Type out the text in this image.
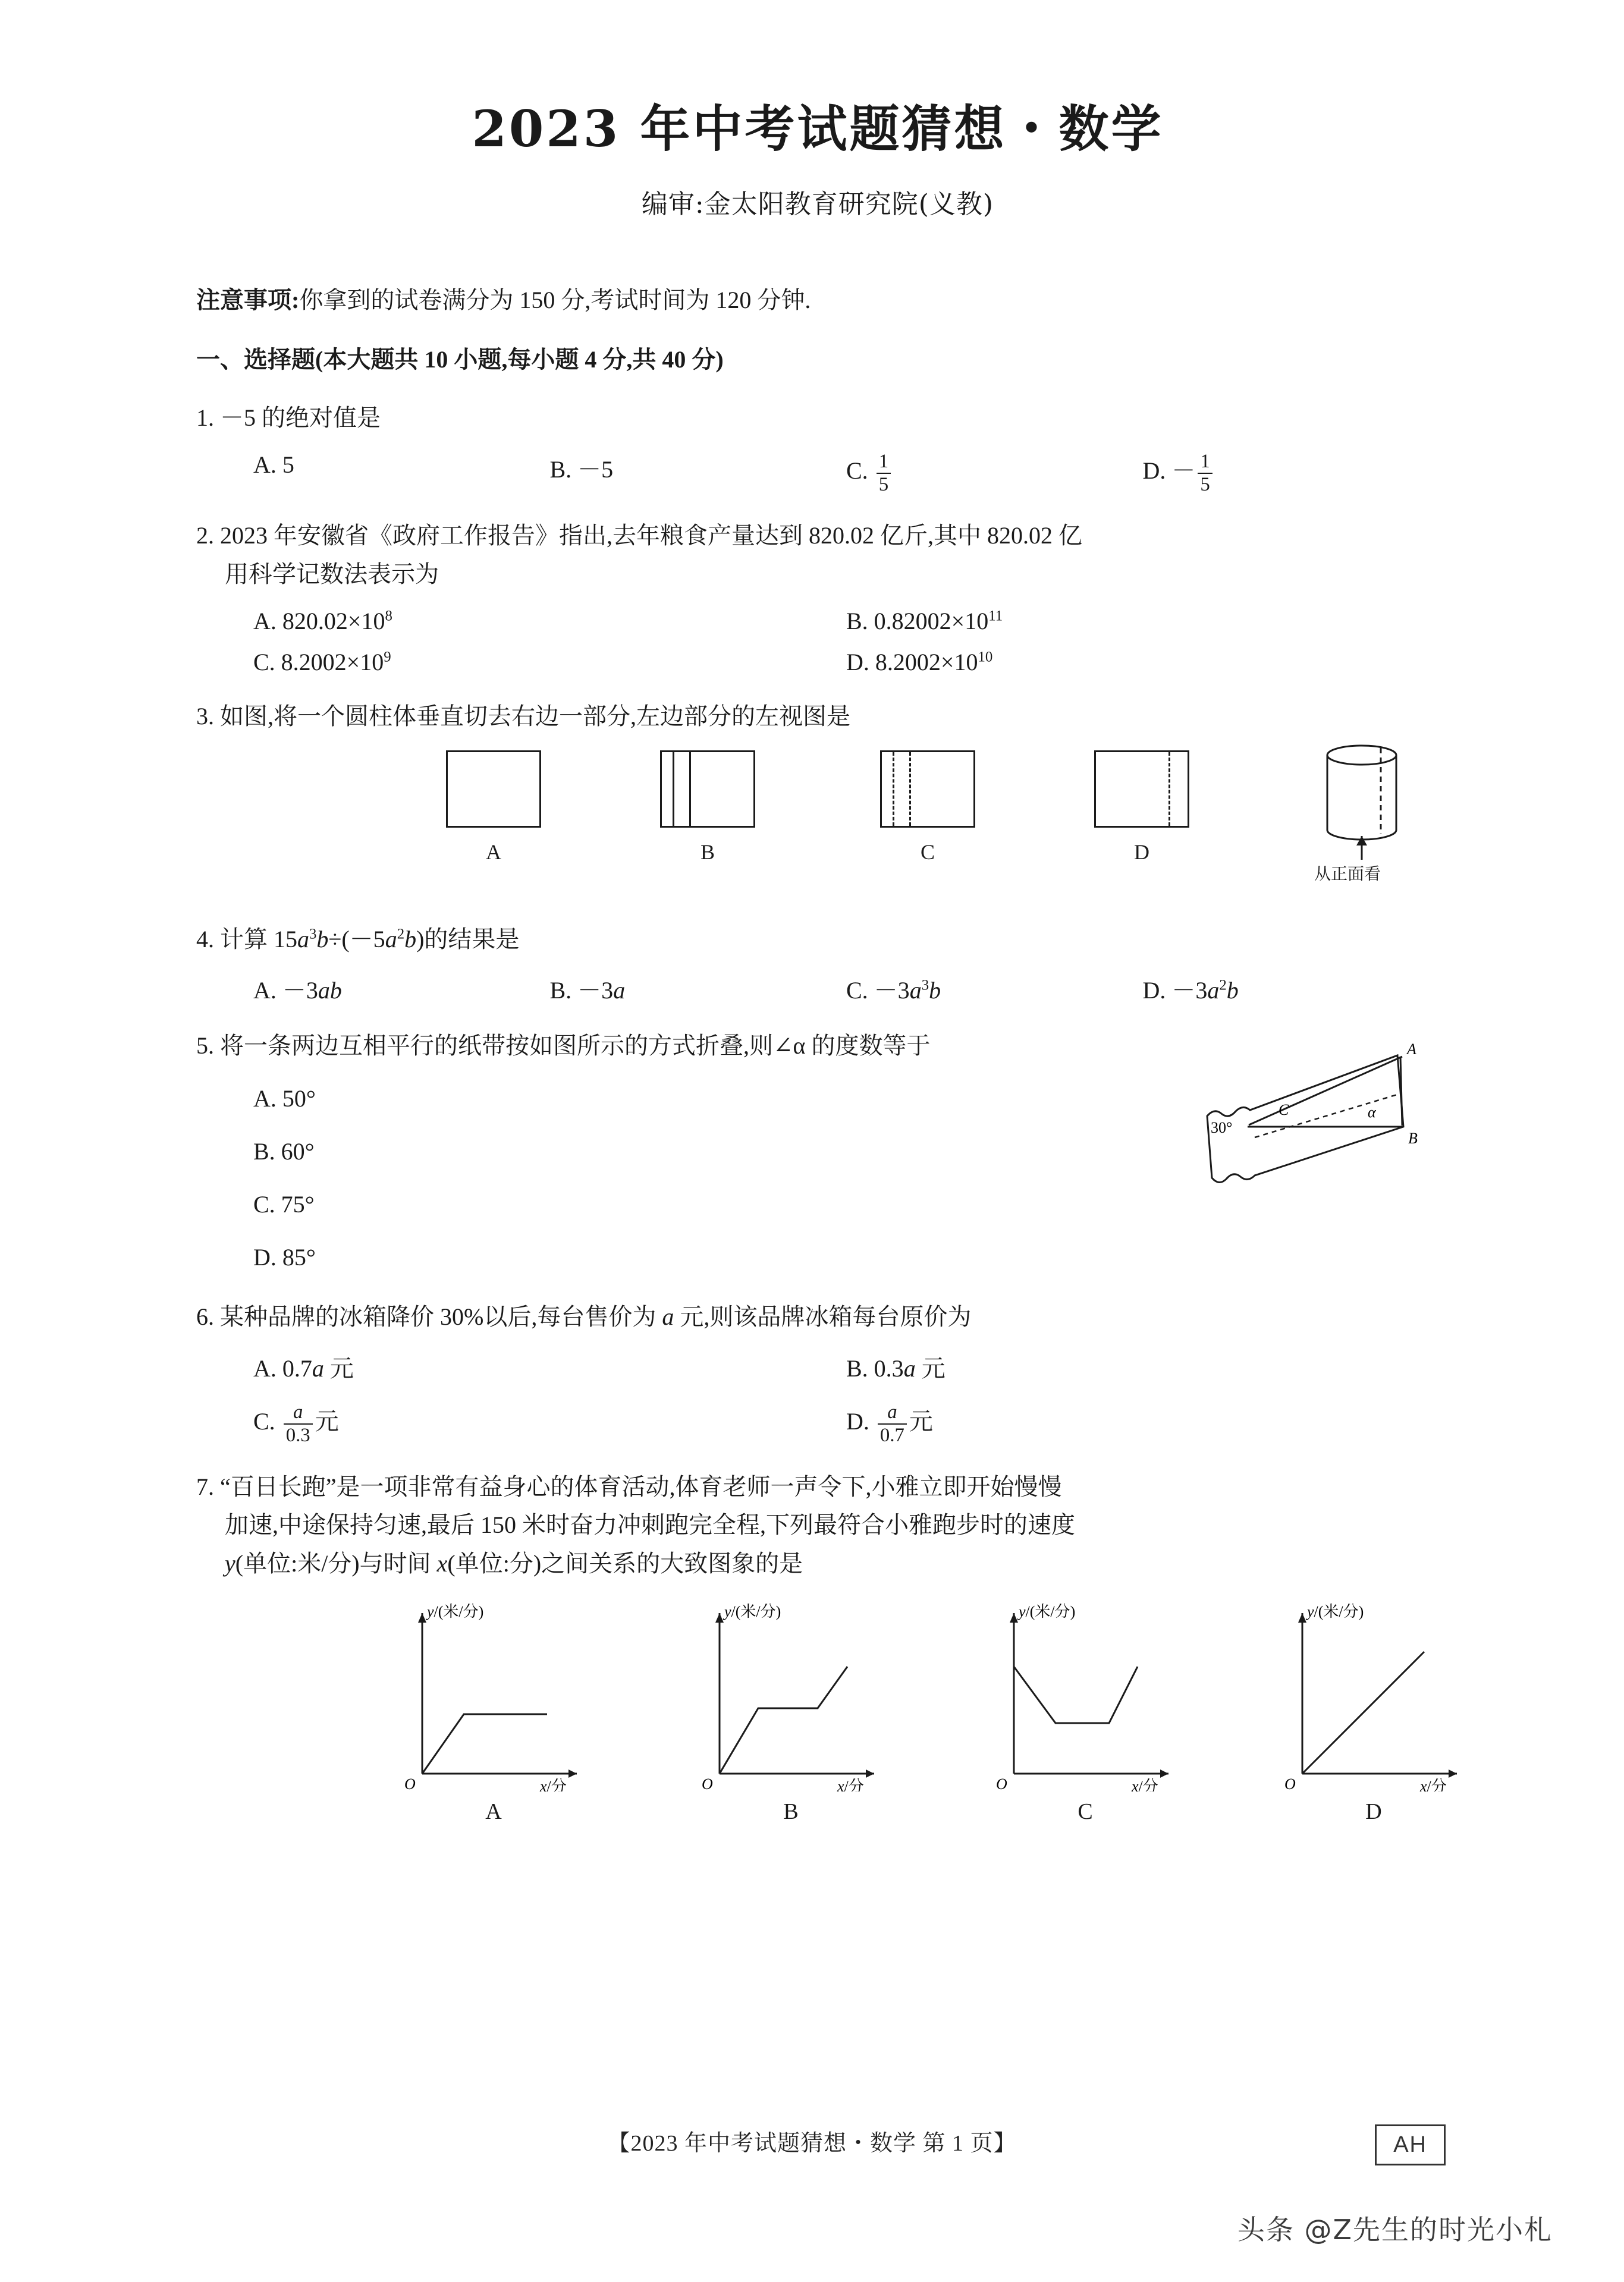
2023 年中考试题猜想・数学
编审:金太阳教育研究院(义教)
注意事项:你拿到的试卷满分为 150 分,考试时间为 120 分钟.
一、选择题(本大题共 10 小题,每小题 4 分,共 40 分)
1. －5 的绝对值是
A. 5	B. －5	C. $\frac{1}{5}$	D. － $\frac{1}{5}$
2. 2023 年安徽省《政府工作报告》指出,去年粮食产量达到 820.02 亿斤,其中 820.02 亿
用科学记数法表示为
A. $820.02\times 10^8$	B. $0.82002\times 10^{11}$
C. $8.2002\times 10^9$	D. $8.2002\times 10^{10}$
3. 如图,将一个圆柱体垂直切去右边一部分,左边部分的左视图是
A	B	C	D
从正面看
4. 计算 $15a^3b\div(-5a^2b)$的结果是
A. －3ab	B. －3a	C. $-3a^3b$	D. $-3a^2b$
5. 将一条两边互相平行的纸带按如图所示的方式折叠,则∠α 的度数等于
A. 50°
B. 60°
C. 75°
D. 85°
30°
C
A
B
α
6. 某种品牌的冰箱降价 30%以后,每台售价为 a 元,则该品牌冰箱每台原价为
A. 0.7a 元	B. 0.3a 元
C. $\frac{a}{0.3}$ 元	D. $\frac{a}{0.7}$ 元
7. “百日长跑”是一项非常有益身心的体育活动,体育老师一声令下,小雅立即开始慢慢
加速,中途保持匀速,最后 150 米时奋力冲刺跑完全程,下列最符合小雅跑步时的速度
y(单位:米/分)与时间 x(单位:分)之间关系的大致图象的是
y/(米/分)
x/分
O
A
y/(米/分)
x/分
O
B
y/(米/分)
x/分
O
C
y/(米/分)
x/分
O
D
【2023 年中考试题猜想・数学 第 1 页】	AH
头条 @Z先生的时光小札
